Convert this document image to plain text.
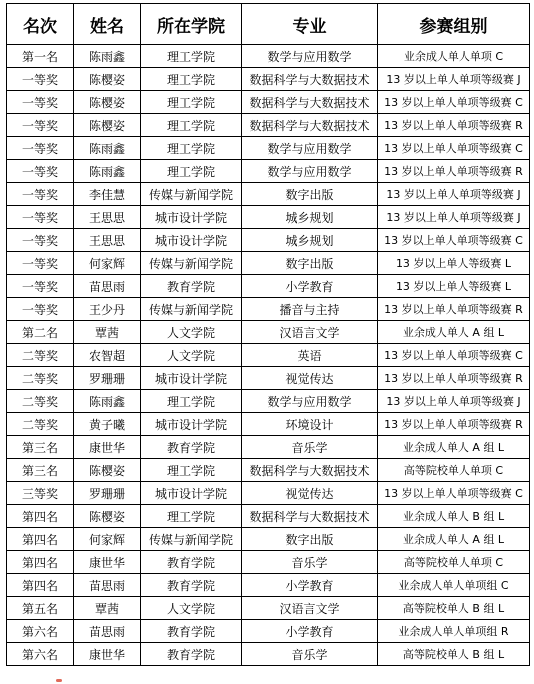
名次	姓名	所在学院	专业	参赛组别
第一名	陈雨鑫	理工学院	数学与应用数学	业余成人单人单项 C
一等奖	陈樱姿	理工学院	数据科学与大数据技术	13 岁以上单人单项等级赛 J
一等奖	陈樱姿	理工学院	数据科学与大数据技术	13 岁以上单人单项等级赛 C
一等奖	陈樱姿	理工学院	数据科学与大数据技术	13 岁以上单人单项等级赛 R
一等奖	陈雨鑫	理工学院	数学与应用数学	13 岁以上单人单项等级赛 C
一等奖	陈雨鑫	理工学院	数学与应用数学	13 岁以上单人单项等级赛 R
一等奖	李佳慧	传媒与新闻学院	数字出版	13 岁以上单人单项等级赛 J
一等奖	王思思	城市设计学院	城乡规划	13 岁以上单人单项等级赛 J
一等奖	王思思	城市设计学院	城乡规划	13 岁以上单人单项等级赛 C
一等奖	何家辉	传媒与新闻学院	数字出版	13 岁以上单人等级赛 L
一等奖	苗思雨	教育学院	小学教育	13 岁以上单人等级赛 L
一等奖	王少丹	传媒与新闻学院	播音与主持	13 岁以上单人单项等级赛 R
第二名	覃茜	人文学院	汉语言文学	业余成人单人 A 组 L
二等奖	农智超	人文学院	英语	13 岁以上单人单项等级赛 C
二等奖	罗珊珊	城市设计学院	视觉传达	13 岁以上单人单项等级赛 R
二等奖	陈雨鑫	理工学院	数学与应用数学	13 岁以上单人单项等级赛 J
二等奖	黄子曦	城市设计学院	环境设计	13 岁以上单人单项等级赛 R
第三名	康世华	教育学院	音乐学	业余成人单人 A 组 L
第三名	陈樱姿	理工学院	数据科学与大数据技术	高等院校单人单项 C
三等奖	罗珊珊	城市设计学院	视觉传达	13 岁以上单人单项等级赛 C
第四名	陈樱姿	理工学院	数据科学与大数据技术	业余成人单人 B 组 L
第四名	何家辉	传媒与新闻学院	数字出版	业余成人单人 A 组 L
第四名	康世华	教育学院	音乐学	高等院校单人单项 C
第四名	苗思雨	教育学院	小学教育	业余成人单人单项组 C
第五名	覃茜	人文学院	汉语言文学	高等院校单人 B 组 L
第六名	苗思雨	教育学院	小学教育	业余成人单人单项组 R
第六名	康世华	教育学院	音乐学	高等院校单人 B 组 L
